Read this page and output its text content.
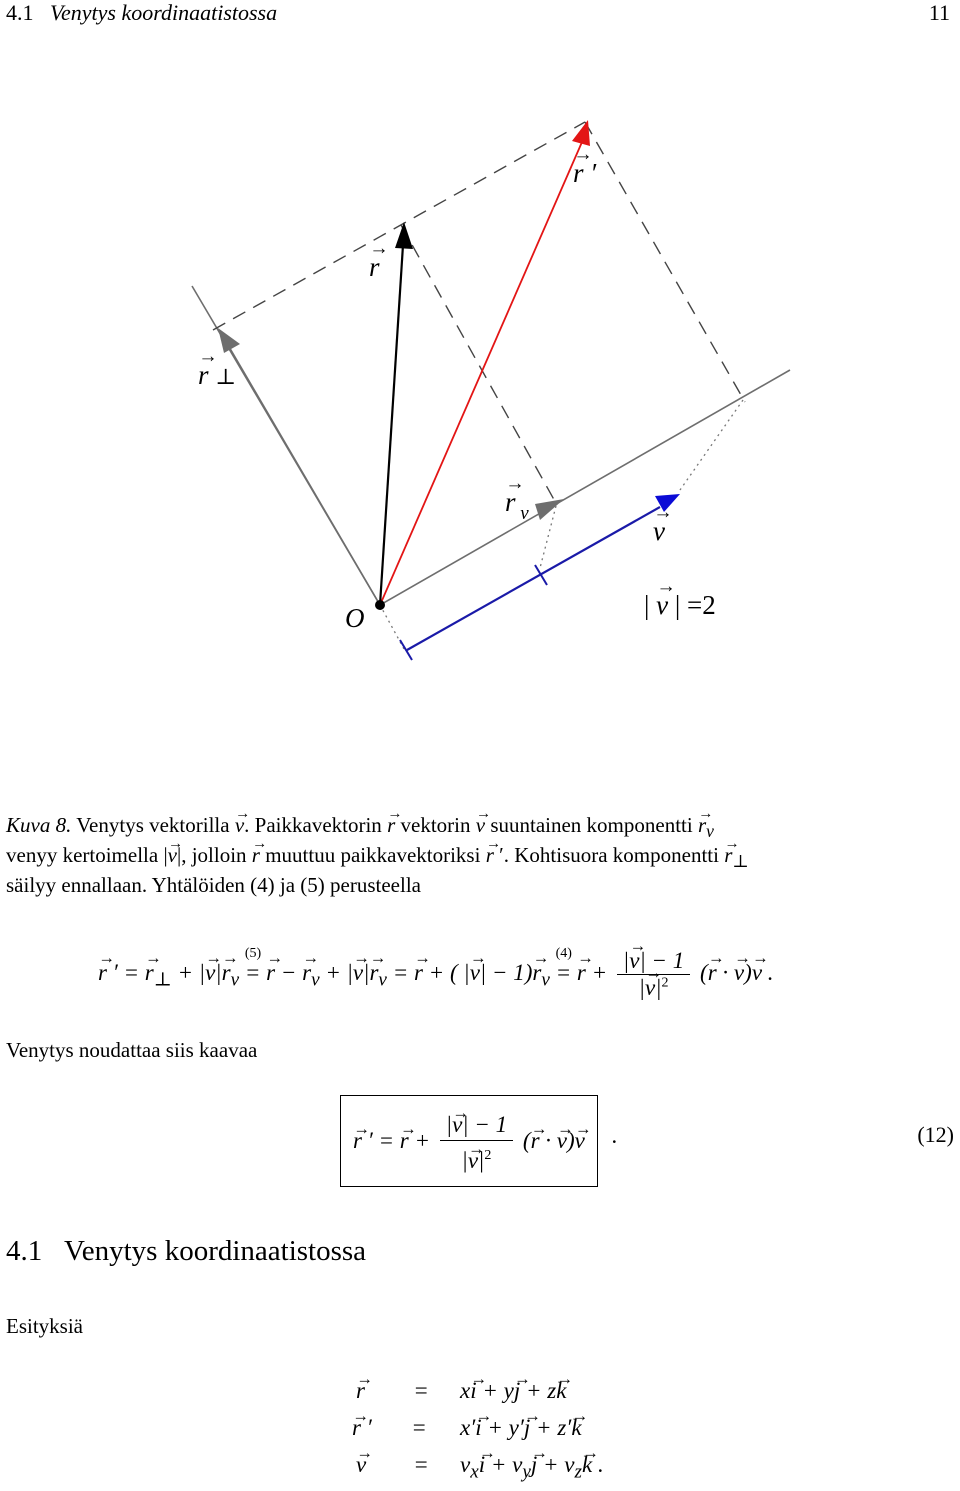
4.1 Venytys koordinaatistossa	11
→ r ′
→ r
→ r ⊥
→ r $_v$
→ v
O	| → v | =2
Kuva 8. Venytys vektorilla → v. Paikkavektorin → r vektorin → v suuntainen komponentti → $r_v$
venyy kertoimella |→ v|, jolloin → r muuttuu paikkavektoriksi → r ′. Kohtisuora komponentti → $r_\perp$
säilyy ennallaan. Yhtälöiden (4) ja (5) perusteella
→ r ′ = → $r_\perp$ + |→ $v|\to r_v$
(5)
= → r − → $r_v$ + |→ $v|\to r_v$ = → r + ( |→ $v| - 1)\to r_v$
(4)
= → $r + \frac{|\to v| - 1}{|\to v|^2}$ (→ r · → v)→ v .
Venytys noudattaa siis kaavaa
→ r ′ = → $r + \frac{|\to v| - 1}{|\to v|^2}$ (→ r · → v)→ v	.	(12)
4.1 Venytys koordinaatistossa
Esityksiä
→ r = x→ i + y→ j + z→ k
→ r ′ = x′→ i + y′→ j + z′→ k
→ $v = v_x\to i + v_y\to j + v_z\to k$ .
